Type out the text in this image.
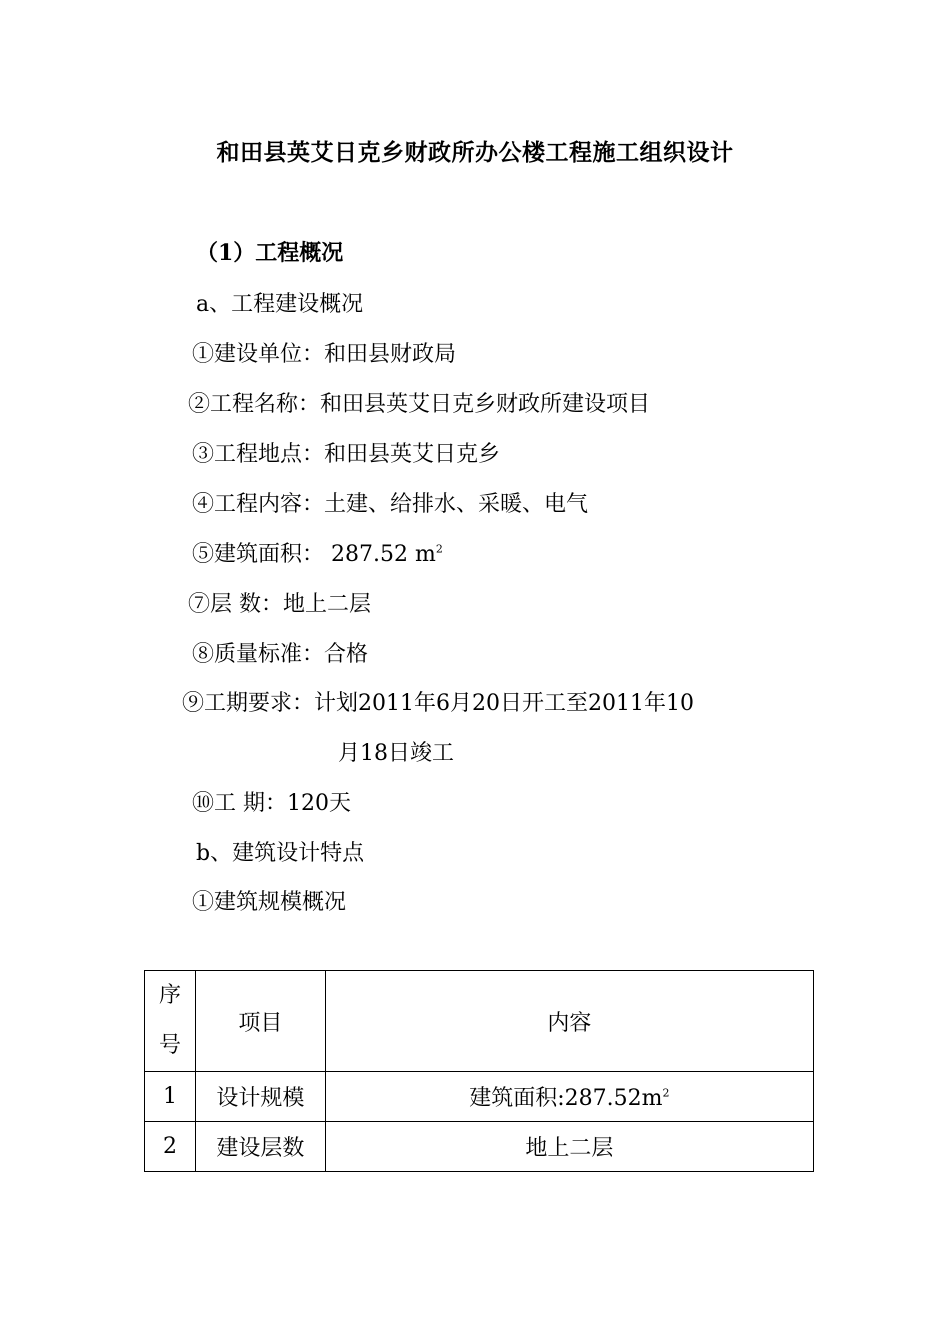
和田县英艾日克乡财政所办公楼工程施工组织设计
（1）工程概况
a、工程建设概况
①建设单位：和田县财政局
②工程名称：和田县英艾日克乡财政所建设项目
③工程地点：和田县英艾日克乡
④工程内容：土建、给排水、采暖、电气
⑤建筑面积： 287.52 $m^2$
⑦层 数：地上二层
⑧质量标准：合格
⑨工期要求：计划2011年6月20日开工至2011年10
月18日竣工
⑩工 期：120天
b、建筑设计特点
①建筑规模概况
序号	项目	内容
1	设计规模	建筑面积$:287.52m^2$
2	建设层数	地上二层
